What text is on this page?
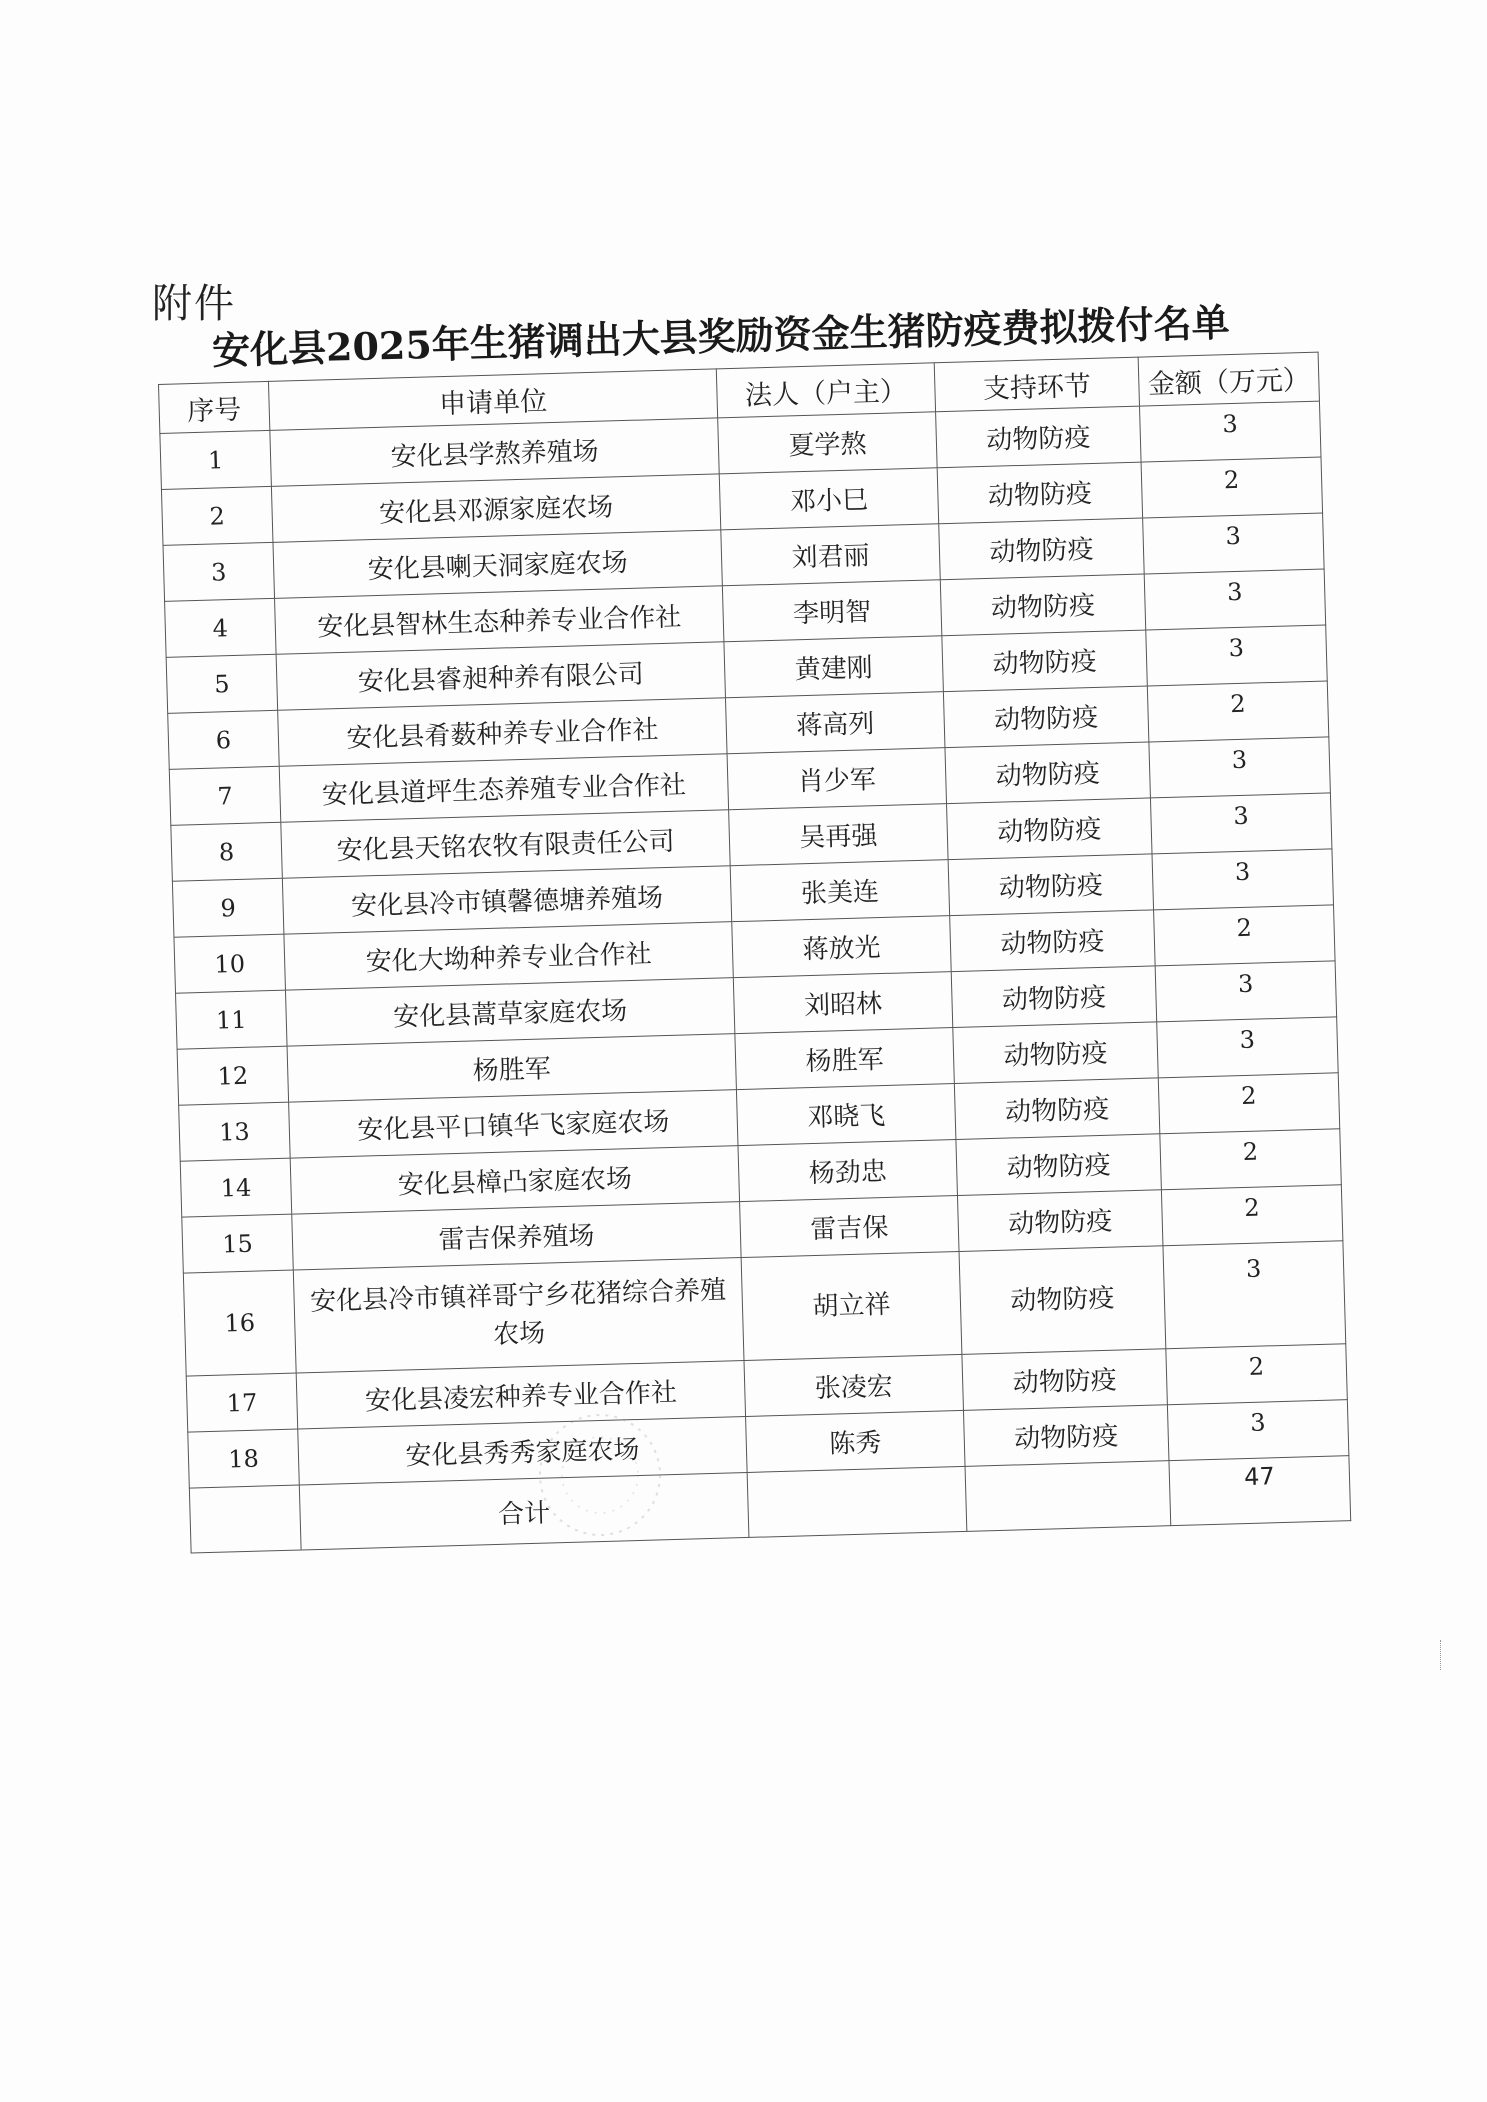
附件
安化县2025年生猪调出大县奖励资金生猪防疫费拟拨付名单
序号	申请单位	法人（户主）	支持环节	金额（万元）
1	安化县学熬养殖场	夏学熬	动物防疫	3
2	安化县邓源家庭农场	邓小巳	动物防疫	2
3	安化县喇天洞家庭农场	刘君丽	动物防疫	3
4	安化县智林生态种养专业合作社	李明智	动物防疫	3
5	安化县睿昶种养有限公司	黄建刚	动物防疫	3
6	安化县肴薮种养专业合作社	蒋高列	动物防疫	2
7	安化县道坪生态养殖专业合作社	肖少军	动物防疫	3
8	安化县天铭农牧有限责任公司	吴再强	动物防疫	3
9	安化县冷市镇馨德塘养殖场	张美连	动物防疫	3
10	安化大坳种养专业合作社	蒋放光	动物防疫	2
11	安化县蒿草家庭农场	刘昭林	动物防疫	3
12	杨胜军	杨胜军	动物防疫	3
13	安化县平口镇华飞家庭农场	邓晓飞	动物防疫	2
14	安化县樟凸家庭农场	杨劲忠	动物防疫	2
15	雷吉保养殖场	雷吉保	动物防疫	2
16	安化县冷市镇祥哥宁乡花猪综合养殖农场	胡立祥	动物防疫	3
17	安化县凌宏种养专业合作社	张凌宏	动物防疫	2
18	安化县秀秀家庭农场	陈秀	动物防疫	3
	合计			47
